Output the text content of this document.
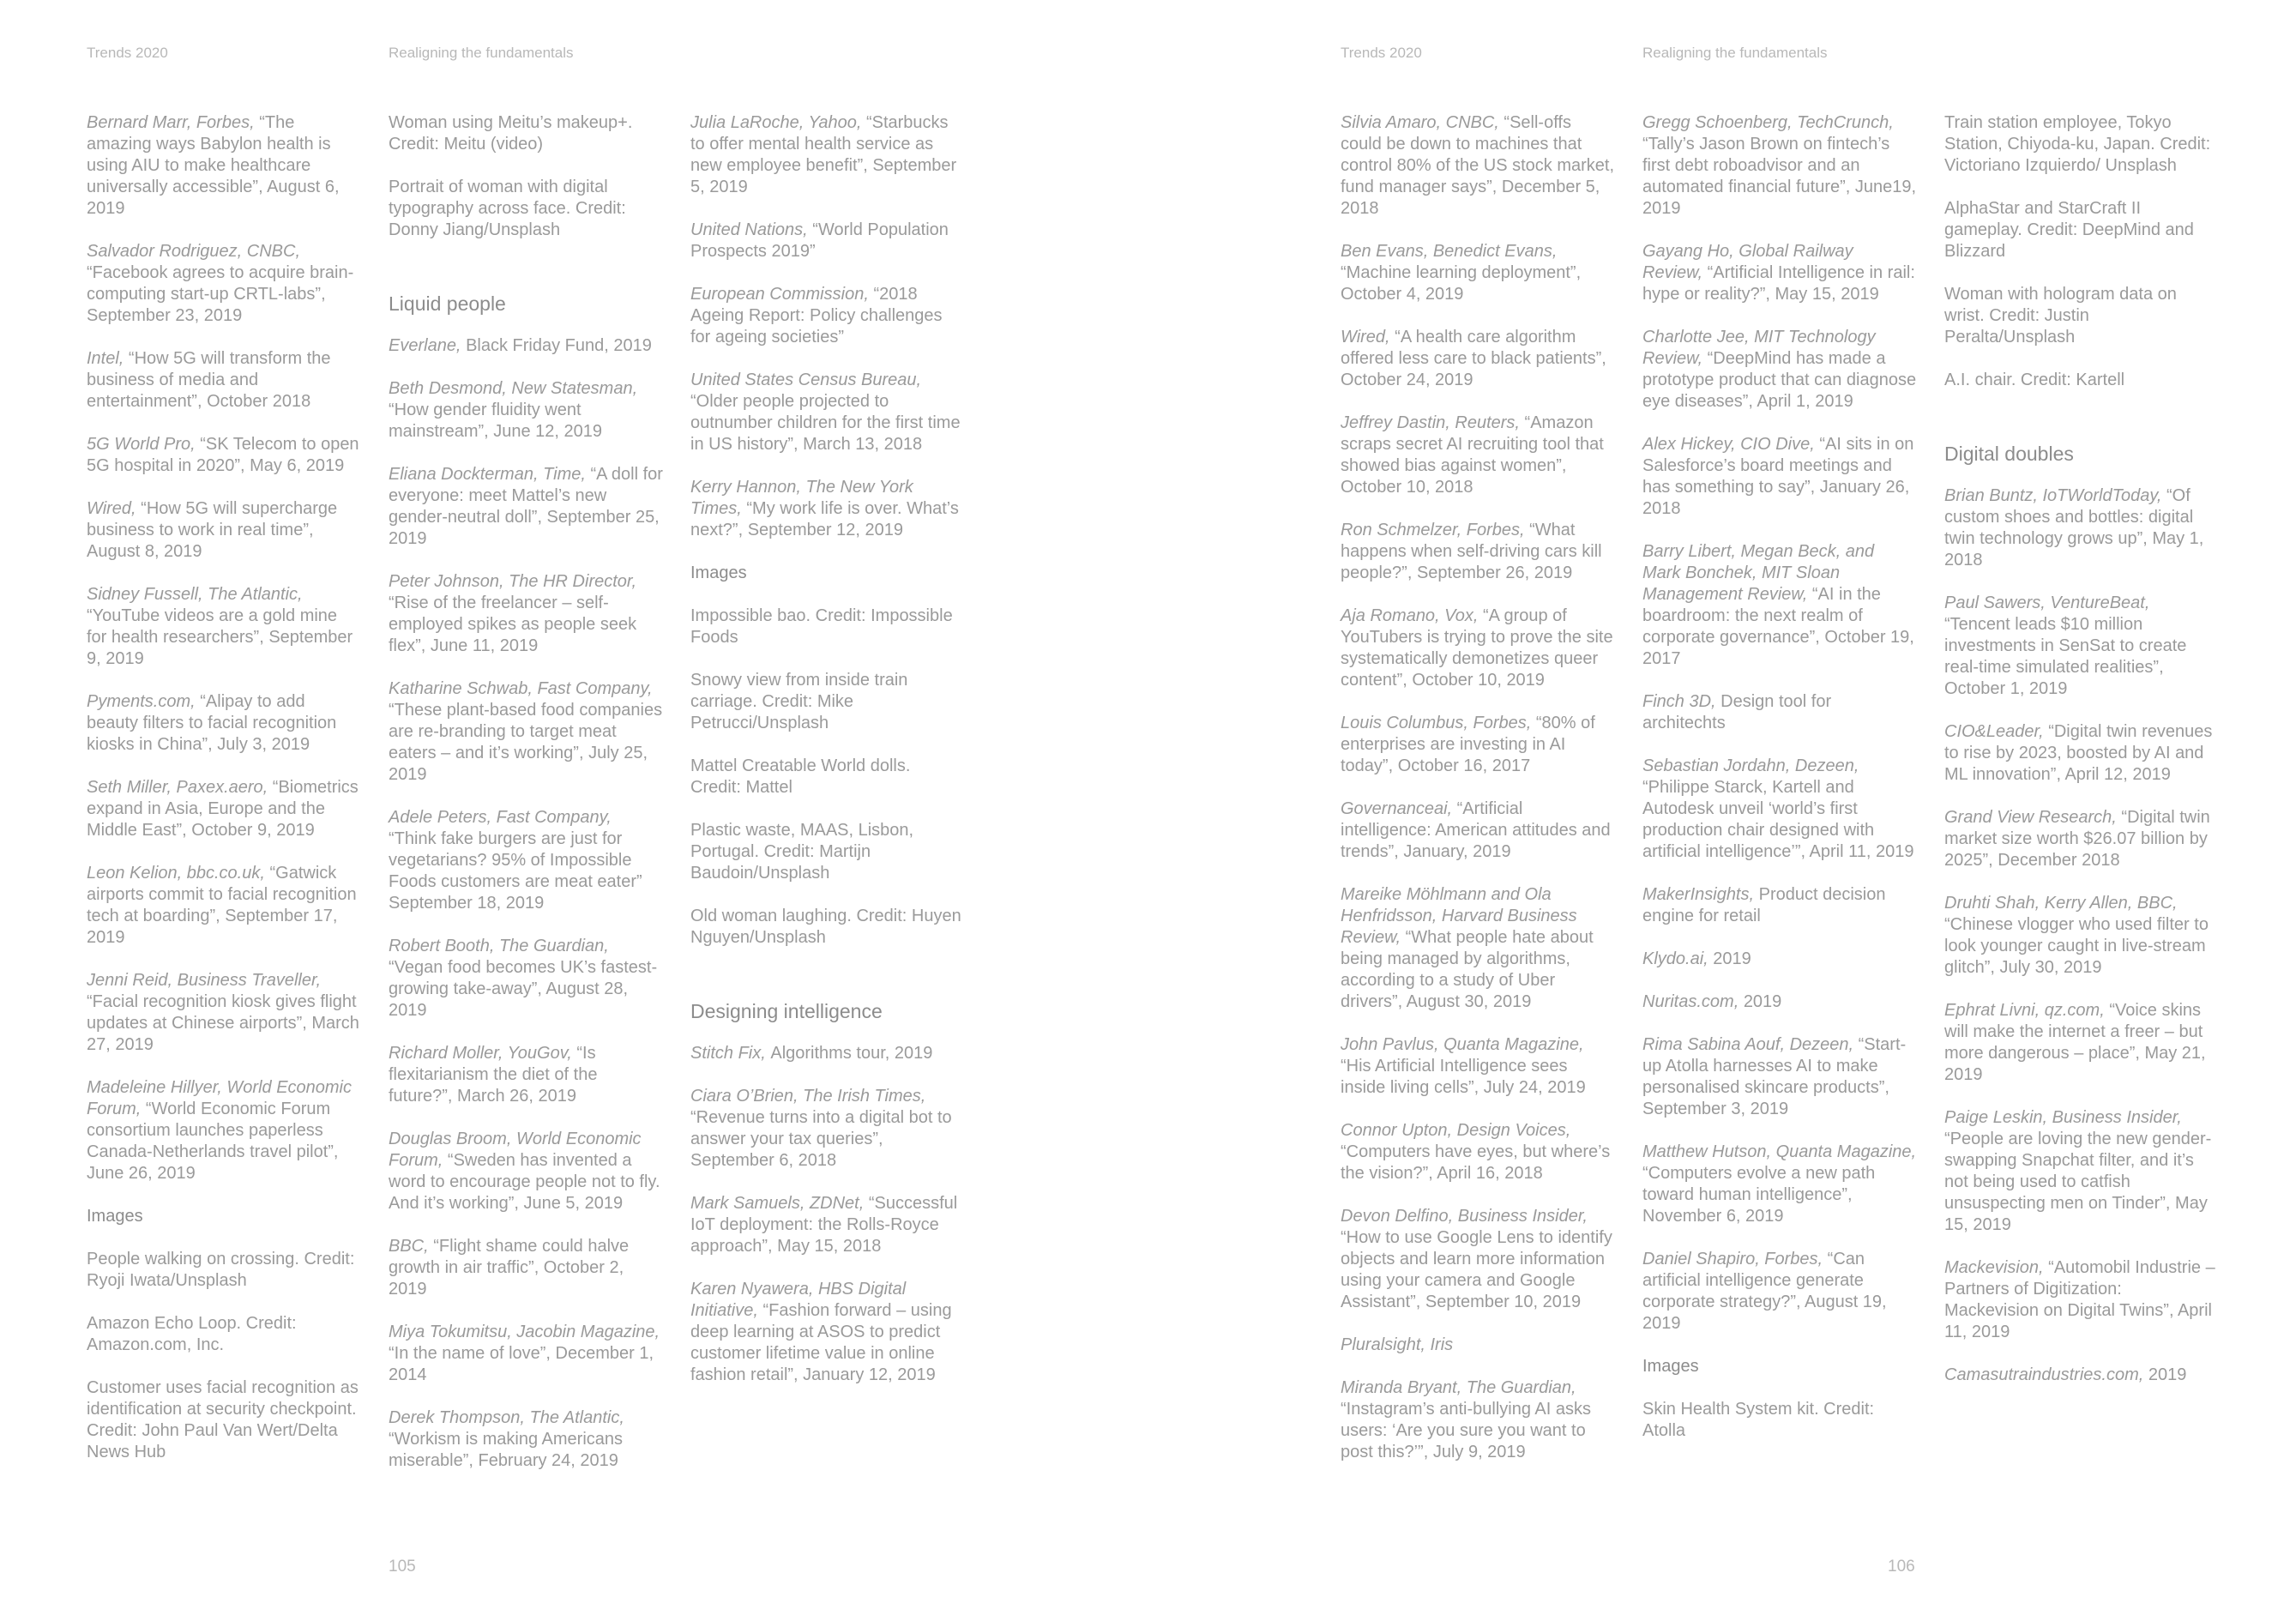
Trends 2020	Realigning the fundamentals

Bernard Marr, Forbes, “The amazing ways Babylon health is using AIU to make healthcare universally accessible”, August 6, 2019

Salvador Rodriguez, CNBC, “Facebook agrees to acquire brain-computing start-up CRTL-labs”, September 23, 2019

Intel, “How 5G will transform the business of media and entertainment”, October 2018

5G World Pro, “SK Telecom to open 5G hospital in 2020”, May 6, 2019

Wired, “How 5G will supercharge business to work in real time”, August 8, 2019

Sidney Fussell, The Atlantic, “YouTube videos are a gold mine for health researchers”, September 9, 2019

Pyments.com, “Alipay to add beauty filters to facial recognition kiosks in China”, July 3, 2019

Seth Miller, Paxex.aero, “Biometrics expand in Asia, Europe and the Middle East”, October 9, 2019

Leon Kelion, bbc.co.uk, “Gatwick airports commit to facial recognition tech at boarding”, September 17, 2019

Jenni Reid, Business Traveller, “Facial recognition kiosk gives flight updates at Chinese airports”, March 27, 2019

Madeleine Hillyer, World Economic Forum, “World Economic Forum consortium launches paperless Canada-Netherlands travel pilot”, June 26, 2019

Images

People walking on crossing. Credit: Ryoji Iwata/Unsplash

Amazon Echo Loop. Credit: Amazon.com, Inc.

Customer uses facial recognition as identification at security checkpoint. Credit: John Paul Van Wert/Delta News Hub

Woman using Meitu’s makeup+. Credit: Meitu (video)

Portrait of woman with digital typography across face. Credit: Donny Jiang/Unsplash

Liquid people

Everlane, Black Friday Fund, 2019

Beth Desmond, New Statesman, “How gender fluidity went mainstream”, June 12, 2019

Eliana Dockterman, Time, “A doll for everyone: meet Mattel’s new gender-neutral doll”, September 25, 2019

Peter Johnson, The HR Director, “Rise of the freelancer – self-employed spikes as people seek flex”, June 11, 2019

Katharine Schwab, Fast Company, “These plant-based food companies are re-branding to target meat eaters – and it’s working”, July 25, 2019

Adele Peters, Fast Company, “Think fake burgers are just for vegetarians? 95% of Impossible Foods customers are meat eater” September 18, 2019

Robert Booth, The Guardian, “Vegan food becomes UK’s fastest-growing take-away”, August 28, 2019

Richard Moller, YouGov, “Is flexitarianism the diet of the future?”, March 26, 2019

Douglas Broom, World Economic Forum, “Sweden has invented a word to encourage people not to fly. And it’s working”, June 5, 2019

BBC, “Flight shame could halve growth in air traffic”, October 2, 2019

Miya Tokumitsu, Jacobin Magazine, “In the name of love”, December 1, 2014

Derek Thompson, The Atlantic, “Workism is making Americans miserable”, February 24, 2019

Julia LaRoche, Yahoo, “Starbucks to offer mental health service as new employee benefit”, September 5, 2019

United Nations, “World Population Prospects 2019”

European Commission, “2018 Ageing Report: Policy challenges for ageing societies”

United States Census Bureau, “Older people projected to outnumber children for the first time in US history”, March 13, 2018

Kerry Hannon, The New York Times, “My work life is over. What’s next?”, September 12, 2019

Images

Impossible bao. Credit: Impossible Foods

Snowy view from inside train carriage. Credit: Mike Petrucci/Unsplash

Mattel Creatable World dolls. Credit: Mattel

Plastic waste, MAAS, Lisbon, Portugal. Credit: Martijn Baudoin/Unsplash

Old woman laughing. Credit: Huyen Nguyen/Unsplash

Designing intelligence

Stitch Fix, Algorithms tour, 2019

Ciara O’Brien, The Irish Times, “Revenue turns into a digital bot to answer your tax queries”, September 6, 2018

Mark Samuels, ZDNet, “Successful IoT deployment: the Rolls-Royce approach”, May 15, 2018

Karen Nyawera, HBS Digital Initiative, “Fashion forward – using deep learning at ASOS to predict customer lifetime value in online fashion retail”, January 12, 2019

105
Trends 2020	Realigning the fundamentals

Silvia Amaro, CNBC, “Sell-offs could be down to machines that control 80% of the US stock market, fund manager says”, December 5, 2018

Ben Evans, Benedict Evans, “Machine learning deployment”, October 4, 2019

Wired, “A health care algorithm offered less care to black patients”, October 24, 2019

Jeffrey Dastin, Reuters, “Amazon scraps secret AI recruiting tool that showed bias against women”, October 10, 2018

Ron Schmelzer, Forbes, “What happens when self-driving cars kill people?”, September 26, 2019

Aja Romano, Vox, “A group of YouTubers is trying to prove the site systematically demonetizes queer content”, October 10, 2019

Louis Columbus, Forbes, “80% of enterprises are investing in AI today”, October 16, 2017

Governanceai, “Artificial intelligence: American attitudes and trends”, January, 2019

Mareike Möhlmann and Ola Henfridsson, Harvard Business Review, “What people hate about being managed by algorithms, according to a study of Uber drivers”, August 30, 2019

John Pavlus, Quanta Magazine, “His Artificial Intelligence sees inside living cells”, July 24, 2019

Connor Upton, Design Voices, “Computers have eyes, but where’s the vision?”, April 16, 2018

Devon Delfino, Business Insider, “How to use Google Lens to identify objects and learn more information using your camera and Google Assistant”, September 10, 2019

Pluralsight, Iris

Miranda Bryant, The Guardian, “Instagram’s anti-bullying AI asks users: ‘Are you sure you want to post this?’”, July 9, 2019

Gregg Schoenberg, TechCrunch, “Tally’s Jason Brown on fintech’s first debt roboadvisor and an automated financial future”, June19, 2019

Gayang Ho, Global Railway Review, “Artificial Intelligence in rail: hype or reality?”, May 15, 2019

Charlotte Jee, MIT Technology Review, “DeepMind has made a prototype product that can diagnose eye diseases”, April 1, 2019

Alex Hickey, CIO Dive, “AI sits in on Salesforce’s board meetings and has something to say”, January 26, 2018

Barry Libert, Megan Beck, and Mark Bonchek, MIT Sloan Management Review, “AI in the boardroom: the next realm of corporate governance”, October 19, 2017

Finch 3D, Design tool for architechts

Sebastian Jordahn, Dezeen, “Philippe Starck, Kartell and Autodesk unveil ‘world’s first production chair designed with artificial intelligence’”, April 11, 2019

MakerInsights, Product decision engine for retail

Klydo.ai, 2019

Nuritas.com, 2019

Rima Sabina Aouf, Dezeen, “Start-up Atolla harnesses AI to make personalised skincare products”, September 3, 2019

Matthew Hutson, Quanta Magazine, “Computers evolve a new path toward human intelligence”, November 6, 2019

Daniel Shapiro, Forbes, “Can artificial intelligence generate corporate strategy?”, August 19, 2019

Images

Skin Health System kit. Credit: Atolla

Train station employee, Tokyo Station, Chiyoda-ku, Japan. Credit: Victoriano Izquierdo/ Unsplash

AlphaStar and StarCraft II gameplay. Credit: DeepMind and Blizzard

Woman with hologram data on wrist. Credit: Justin Peralta/Unsplash

A.I. chair. Credit: Kartell

Digital doubles

Brian Buntz, IoTWorldToday, “Of custom shoes and bottles: digital twin technology grows up”, May 1, 2018

Paul Sawers, VentureBeat, “Tencent leads $10 million investments in SenSat to create real-time simulated realities”, October 1, 2019

CIO&Leader, “Digital twin revenues to rise by 2023, boosted by AI and ML innovation”, April 12, 2019

Grand View Research, “Digital twin market size worth $26.07 billion by 2025”, December 2018

Druhti Shah, Kerry Allen, BBC, “Chinese vlogger who used filter to look younger caught in live-stream glitch”, July 30, 2019

Ephrat Livni, qz.com, “Voice skins will make the internet a freer – but more dangerous – place”, May 21, 2019

Paige Leskin, Business Insider, “People are loving the new gender-swapping Snapchat filter, and it’s not being used to catfish unsuspecting men on Tinder”, May 15, 2019

Mackevision, “Automobil Industrie – Partners of Digitization: Mackevision on Digital Twins”, April 11, 2019

Camasutraindustries.com, 2019

106
